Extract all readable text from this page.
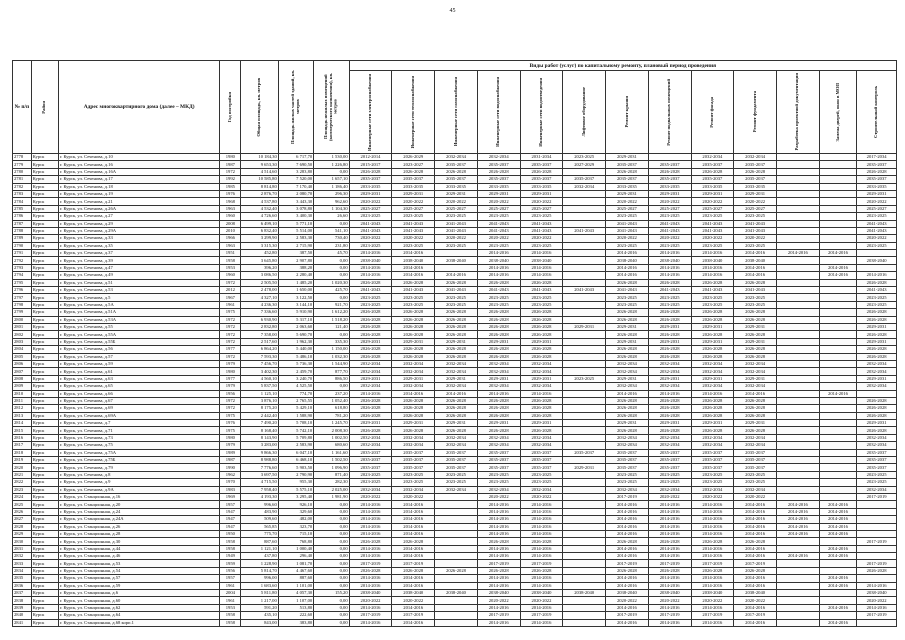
45
№ п/п	Район	Адрес многоквартирного дома (далее – МКД)	Год постройки	Общая площадь, кв. метров	Площадь жилых частей зданий, кв. метров	Площадь нежилых помещений (коммерческого назначения), кв. метров	Виды работ (услуг) по капитальному ремонту, плановый период проведения												

							Инженерные сети электроснабжения	Инженерные сети теплоснабжения	Инженерные сети газоснабжения	Инженерные сети водоснабжения	Инженерные сети водоотведения	Лифтовое оборудование	Ремонт крыши	Ремонт подвальных помещений	Ремонт фасада	Ремонт фундамента	Разработка проектной документации	Замена дверей, окон в МОП	Строительный контроль

2778	Курск	г. Курск, ул. Сеченова, д.10	1980	10 184,30	6 717,70	1 530,00	2012-2014	2026-2029	2032-2034	2032-2034	2031-2034	2023-2025	2029-2031		2032-2034	2032-2034			2017-2034
2779	Курск	г. Курск, ул. Сеченова, д.16	1987	9 653,30	7 690,50	1 226,80	2015-2017	2023-2027	2035-2037	2035-2037	2035-2037	2027-2029	2035-2037	2035-2037	2035-2037	2035-2037			2035-2037
2780	Курск	г. Курск, ул. Сеченова, д.16А	1972	4 514,60	3 283,80	0,00	2026-2028	2026-2028	2026-2028	2026-2028	2026-2028		2026-2028	2026-2028	2026-2028	2026-2028			2026-2028
2781	Курск	г. Курск, ул. Сеченова, д.17	1992	10 585,80	7 520,00	1 657,10	2035-2037	2035-2037	2035-2037	2035-2037	2035-2037	2035-2037	2035-2037	2035-2037	2035-2037	2035-2037			2035-2037
2782	Курск	г. Курск, ул. Сеченова, д.18	1985	8 814,80	7 170,40	1 186,40	2033-2035	2033-2035	2033-2035	2033-2035	2033-2035	2032-2034	2033-2035	2033-2035	2033-2035	2033-2035			2033-2035
2783	Курск	г. Курск, ул. Сеченова, д.19	1976	2 876,70	2 080,70	296,30	2029-2031	2029-2031	2029-2031	2029-2031	2029-2031		2029-2031	2029-2031	2029-2031	2029-2031			2029-2031
2784	Курск	г. Курск, ул. Сеченова, д.21	1968	4 537,80	3 443,30	962,60	2020-2022	2020-2022	2020-2022	2020-2022	2020-2022		2020-2022	2020-2022	2020-2022	2020-2022			2020-2022
2785	Курск	г. Курск, ул. Сеченова, д.26А	1963	4 532,40	3 078,80	1 104,30	2025-2027	2025-2027	2025-2027	2025-2027	2025-2027		2025-2027	2025-2027	2025-2027	2025-2027			2025-2027
2786	Курск	г. Курск, ул. Сеченова, д.27	1960	4 726,60	3 400,30	26,60	2023-2025	2023-2025	2023-2025	2023-2025	2023-2025		2023-2025	2023-2025	2023-2025	2023-2025			2023-2025
2787	Курск	г. Курск, ул. Сеченова, д.29	2008	6 499,10	5 771,10	0,00	2041-2043	2041-2043	2041-2043	2041-2043	2041-2043		2041-2043	2041-2043	2041-2043	2041-2043			2041-2043
2788	Курск	г. Курск, ул. Сеченова, д.29А	2010	6 832,40	5 514,00	541,10	2041-2043	2041-2043	2041-2043	2041-2043	2041-2043	2041-2043	2041-2043	2041-2043	2041-2043	2041-2043			2041-2043
2789	Курск	г. Курск, ул. Сеченова, д.33	1966	3 299,90	2 583,30	730,40	2020-2022	2020-2022	2020-2022	2020-2022	2020-2022		2020-2022	2020-2022	2020-2022	2020-2022			2020-2022
2790	Курск	г. Курск, ул. Сеченова, д.35	1963	3 315,30	2 715,90	231,80	2023-2025	2023-2025	2023-2025	2023-2025	2023-2025		2023-2025	2023-2025	2023-2025	2023-2025			2023-2025
2791	Курск	г. Курск, ул. Сеченова, д.37	1951	452,80	387,50	45,70	2014-2016	2014-2016		2014-2016	2014-2016		2014-2016	2014-2016	2014-2016	2014-2016	2014-2016	2014-2016	
2792	Курск	г. Курск, ул. Сеченова, д.39	1958	3 645,80	2 907,80	0,00	2038-2040	2038-2040	2038-2040	2038-2040	2038-2040		2038-2040	2038-2040	2038-2040	2038-2040			2038-2040
2793	Курск	г. Курск, ул. Сеченова, д.47	1953	396,20	388,20	0,00	2014-2016	2014-2016		2014-2016	2014-2016		2014-2016	2014-2016	2014-2016	2014-2016		2014-2016	
2794	Курск	г. Курск, ул. Сеченова, д.49	1960	3 086,50	2 280,40	0,00	2014-2016	2014-2016	2014-2016	2014-2016	2014-2016		2014-2016	2014-2016	2014-2016	2014-2016		2014-2016	2014-2016
2795	Курск	г. Курск, ул. Сеченова, д.51	1972	2 505,50	1 485,20	1 020,30	2026-2028	2026-2028	2026-2028	2026-2028	2026-2028		2026-2028	2026-2028	2026-2028	2026-2028			2026-2028
2796	Курск	г. Курск, ул. Сеченова, д.53	2012	2 478,00	1 650,00	425,70	2041-2043	2041-2043	2041-2043	2041-2043	2041-2043	2041-2043	2041-2043	2041-2043	2041-2043	2041-2043			2041-2043
2797	Курск	г. Курск, ул. Сеченова, д.5	1967	4 327,10	3 122,50	0,00	2023-2025	2023-2025	2023-2025	2023-2025	2023-2025		2023-2025	2023-2025	2023-2025	2023-2025			2023-2025
2798	Курск	г. Курск, ул. Сеченова, д.5А	1961	4 236,30	3 144,10	921,70	2023-2025	2023-2025	2023-2025	2023-2025	2023-2025		2023-2025	2023-2025	2023-2025	2023-2025			2023-2025
2799	Курск	г. Курск, ул. Сеченова, д.51А	1975	7 336,60	5 910,90	1 612,20	2026-2028	2026-2028	2026-2028	2026-2028	2026-2028		2026-2028	2026-2028	2026-2028	2026-2028			2026-2028
2800	Курск	г. Курск, ул. Сеченова, д.53А	1972	6 930,90	5 317,10	1 518,20	2026-2028	2026-2028	2026-2028	2026-2028	2026-2028		2026-2028	2026-2028	2026-2028	2026-2028			2026-2028
2801	Курск	г. Курск, ул. Сеченова, д.55	1972	2 832,80	2 063,60	121,40	2026-2028	2026-2028	2026-2028	2026-2028	2026-2028	2029-2031	2029-2031	2029-2031	2029-2031	2029-2031			2029-2031
2802	Курск	г. Курск, ул. Сеченова, д.55А	1972	7 358,00	5 690,70	0,00	2026-2028	2026-2028	2026-2028	2026-2028	2026-2028		2026-2028	2026-2028	2026-2028	2026-2028			2026-2028
2803	Курск	г. Курск, ул. Сеченова, д.55Б	1972	2 517,60	1 962,30	335,30	2029-2031	2029-2031	2029-2031	2029-2031	2029-2031		2029-2031	2029-2031	2029-2031	2029-2031			2029-2031
2804	Курск	г. Курск, ул. Сеченова, д.56	1977	6 864,20	5 440,00	1 150,00	2026-2028	2026-2028	2026-2028	2026-2028	2026-2028		2026-2028	2026-2028	2026-2028	2026-2028			2026-2028
2805	Курск	г. Курск, ул. Сеченова, д.57	1972	7 593,30	5 486,10	1 032,30	2026-2028	2026-2028	2026-2028	2026-2028	2026-2028		2026-2028	2026-2028	2026-2028	2026-2028			2026-2028
2806	Курск	г. Курск, ул. Сеченова, д.59	1979	7 456,70	5 736,30	1 544,90	2032-2034	2032-2034	2032-2034	2032-2034	2032-2034		2032-2034	2032-2034	2032-2034	2032-2034			2032-2034
2807	Курск	г. Курск, ул. Сеченова, д.61	1980	3 402,30	2 459,70	877,70	2032-2034	2032-2034	2032-2034	2032-2034	2032-2034		2032-2034	2032-2034	2032-2034	2032-2034			2032-2034
2808	Курск	г. Курск, ул. Сеченова, д.63	1977	4 560,10	3 240,70	886,50	2029-2031	2029-2031	2029-2031	2029-2031	2029-2031	2023-2025	2029-2031	2029-2031	2029-2031	2029-2031			2029-2031
2809	Курск	г. Курск, ул. Сеченова, д.65	1979	5 837,50	4 525,50	0,00	2032-2034	2032-2034	2032-2034	2032-2034	2032-2034		2032-2034	2032-2034	2032-2034	2032-2034			2032-2034
2810	Курск	г. Курск, ул. Сеченова, д.66	1956	1 125,10	774,70	237,20	2014-2016	2014-2016	2014-2016	2014-2016	2014-2016		2014-2016	2014-2016	2014-2016	2014-2016		2014-2016	
2811	Курск	г. Курск, ул. Сеченова, д.67	1972	3 876,10	2 765,55	1 052,40	2026-2028	2026-2028	2026-2028	2026-2028	2026-2028		2026-2028	2026-2028	2026-2028	2026-2028			2026-2028
2812	Курск	г. Курск, ул. Сеченова, д.69	1972	8 175,20	5 429,10	618,80	2026-2028	2026-2028	2026-2028	2026-2028	2026-2028		2026-2028	2026-2028	2026-2028	2026-2028			2026-2028
2813	Курск	г. Курск, ул. Сеченова, д.69А	1975	2 442,40	1 588,90	781,20	2026-2028	2026-2028	2026-2028	2026-2028	2026-2028		2026-2028	2026-2028	2026-2028	2026-2028			2026-2028
2814	Курск	г. Курск, ул. Сеченова, д.7	1976	7 490,20	5 708,10	1 245,70	2029-2031	2029-2031	2029-2031	2029-2031	2029-2031		2029-2031	2029-2031	2029-2031	2029-2031			2029-2031
2815	Курск	г. Курск, ул. Сеченова, д.71	1975	8 168,40	5 742,10	2 008,30	2026-2028	2026-2028	2026-2028	2026-2028	2026-2028		2026-2028	2026-2028	2026-2028	2026-2028			2026-2028
2816	Курск	г. Курск, ул. Сеченова, д.73	1980	8 143,90	5 709,80	1 002,50	2032-2034	2032-2034	2032-2034	2032-2034	2032-2034		2032-2034	2032-2034	2032-2034	2032-2034			2032-2034
2817	Курск	г. Курск, ул. Сеченова, д.75	1979	3 283,00	2 583,90	680,60	2032-2034	2032-2034	2032-2034	2032-2034	2032-2034		2032-2034	2032-2034	2032-2034	2032-2034			2032-2034
2818	Курск	г. Курск, ул. Сеченова, д.75А	1989	9 866,30	6 047,10	1 161,60	2035-2037	2035-2037	2035-2037	2035-2037	2035-2037	2035-2037	2035-2037	2035-2037	2035-2037	2035-2037			2035-2037
2819	Курск	г. Курск, ул. Сеченова, д.75Б	1987	8 988,80	6 468,10	1 502,50	2035-2037	2035-2037	2035-2037	2035-2037	2035-2037		2035-2037	2035-2037	2035-2037	2035-2037			2035-2037
2820	Курск	г. Курск, ул. Сеченова, д.79	1990	7 776,60	5 903,50	1 096,90	2035-2037	2035-2037	2035-2037	2035-2037	2035-2037	2029-2031	2035-2037	2035-2037	2035-2037	2035-2037			2035-2037
2821	Курск	г. Курск, ул. Сеченова, д.8	1962	3 697,50	2 790,90	871,40	2023-2025	2023-2025	2023-2025	2023-2025	2023-2025		2023-2025	2023-2025	2023-2025	2023-2025			2023-2025
2822	Курск	г. Курск, ул. Сеченова, д.9	1970	4 715,50	955,30	282,30	2023-2025	2023-2025	2023-2025	2023-2025	2023-2025		2023-2025	2023-2025	2023-2025	2023-2025			2023-2025
2823	Курск	г. Курск, ул. Сеченова, д.9А	1983	7 958,40	5 575,10	2 025,00	2032-2034	2032-2034	2032-2034	2032-2034	2032-2034		2032-2034	2032-2034	2032-2034	2032-2034			2032-2034
2824	Курск	г. Курск, ул. Станционная, д.16	1969	4 193,30	3 295,40	1 981,90	2020-2022	2020-2022		2020-2022	2020-2022		2017-2019	2020-2022	2020-2022	2020-2022			2017-2019
2825	Курск	г. Курск, ул. Станционная, д.20	1957	996,60	926,10	0,00	2014-2016	2014-2016		2014-2016	2014-2016		2014-2016	2014-2016	2014-2016	2014-2016	2014-2016	2014-2016	
2826	Курск	г. Курск, ул. Станционная, д.24	1947	483,90	329,60	0,00	2014-2016	2014-2016		2014-2016	2014-2016		2014-2016	2014-2016	2014-2016	2014-2016	2014-2016	2014-2016	
2827	Курск	г. Курск, ул. Станционная, д.24А	1947	509,60	482,00	0,00	2014-2016	2014-2016		2014-2016	2014-2016		2014-2016	2014-2016	2014-2016	2014-2016	2014-2016	2014-2016	
2828	Курск	г. Курск, ул. Станционная, д.26	1947	565,85	323,70	0,00	2014-2016	2014-2016		2014-2016	2014-2016		2014-2016	2014-2016	2014-2016	2014-2016	2014-2016	2014-2016	
2829	Курск	г. Курск, ул. Станционная, д.28	1950	775,70	715,10	0,00	2014-2016	2014-2016		2014-2016	2014-2016		2014-2016	2014-2016	2014-2016	2014-2016	2014-2016	2014-2016	
2830	Курск	г. Курск, ул. Станционная, д.30	1958	887,60	768,80	0,00	2026-2028	2026-2028		2026-2028	2026-2028		2026-2028	2026-2028	2026-2028	2026-2028			2017-2019
2831	Курск	г. Курск, ул. Станционная, д.44	1958	1 121,10	1 000,40	0,00	2014-2016	2014-2016		2014-2016	2014-2016		2014-2016	2014-2016	2014-2016	2014-2016		2014-2016	
2832	Курск	г. Курск, ул. Станционная, д.46	1949	437,80	296,40	0,00	2014-2016	2014-2016		2014-2016	2014-2016		2014-2016	2014-2016	2014-2016	2014-2016	2014-2016	2014-2016	
2833	Курск	г. Курск, ул. Станционная, д.53	1959	1 228,90	1 081,70	0,00	2017-2019	2017-2019		2017-2019	2017-2019		2017-2019	2017-2019	2017-2019	2017-2019			2017-2019
2834	Курск	г. Курск, ул. Станционная, д.54	1956	5 814,70	4 467,60	0,00	2026-2028	2026-2028	2026-2028	2026-2028	2026-2028		2026-2028	2026-2028	2026-2028	2026-2028			2026-2028
2835	Курск	г. Курск, ул. Станционная, д.57	1957	996,00	887,60	0,00	2014-2016	2014-2016		2014-2016	2014-2016		2014-2016	2014-2016	2014-2016	2014-2016		2014-2016	
2836	Курск	г. Курск, ул. Станционная, д.59	1961	1 683,60	1 101,00	0,00	2014-2016	2014-2016		2014-2016	2014-2016		2014-2016	2014-2016	2014-2016	2014-2016		2014-2016	2014-2016
2837	Курск	г. Курск, ул. Станционная, д.6	2004	5 811,80	4 057,30	155,20	2038-2040	2038-2040	2038-2040	2038-2040	2038-2040	2038-2040	2038-2040	2038-2040	2038-2040	2038-2040			2038-2040
2838	Курск	г. Курск, ул. Станционная, д.60	1961	1 217,00	1 107,00	0,00	2020-2022	2020-2022		2020-2022	2020-2022		2020-2022	2020-2022	2020-2022	2020-2022			2020-2022
2839	Курск	г. Курск, ул. Станционная, д.62	1953	591,20	513,80	0,00	2014-2016	2014-2016		2014-2016	2014-2016		2014-2016	2014-2016	2014-2016	2014-2016		2014-2016	2014-2016
2840	Курск	г. Курск, ул. Станционная, д.64	1958	435,10	222,60	0,00	2017-2019	2017-2019		2017-2019	2017-2019		2017-2019	2017-2019	2017-2019	2017-2019			2017-2019
2841	Курск	г. Курск, ул. Станционная, д.68 корп.1	1958	843,00	383,80	0,00	2014-2016	2014-2016		2014-2016	2014-2016		2014-2016	2014-2016	2014-2016	2014-2016		2014-2016	
